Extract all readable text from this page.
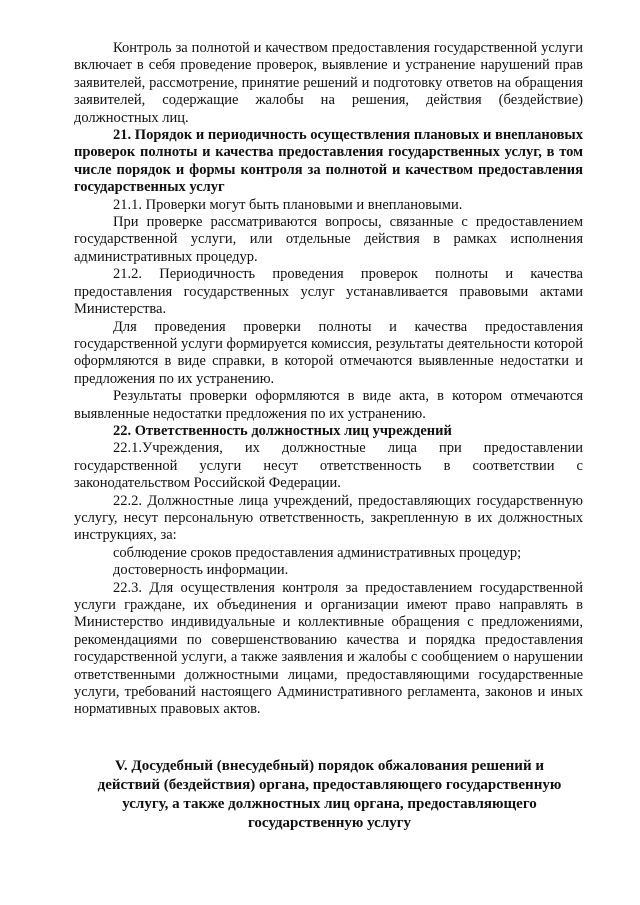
Контроль за полнотой и качеством предоставления государственной услуги включает в себя проведение проверок, выявление и устранение нарушений прав заявителей, рассмотрение, принятие решений и подготовку ответов на обращения заявителей, содержащие жалобы на решения, действия (бездействие) должностных лиц.

21. Порядок и периодичность осуществления плановых и внеплановых проверок полноты и качества предоставления государственных услуг, в том числе порядок и формы контроля за полнотой и качеством предоставления государственных услуг

21.1. Проверки могут быть плановыми и внеплановыми.

При проверке рассматриваются вопросы, связанные с предоставлением государственной услуги, или отдельные действия в рамках исполнения административных процедур.

21.2. Периодичность проведения проверок полноты и качества предоставления государственных услуг устанавливается правовыми актами Министерства.

Для проведения проверки полноты и качества предоставления государственной услуги формируется комиссия, результаты деятельности которой оформляются в виде справки, в которой отмечаются выявленные недостатки и предложения по их устранению.

Результаты проверки оформляются в виде акта, в котором отмечаются выявленные недостатки предложения по их устранению.

22. Ответственность должностных лиц учреждений

22.1.Учреждения, их должностные лица при предоставлении государственной услуги несут ответственность в соответствии с законодательством Российской Федерации.

22.2. Должностные лица учреждений, предоставляющих государственную услугу, несут персональную ответственность, закрепленную в их должностных инструкциях, за:

соблюдение сроков предоставления административных процедур;

достоверность информации.

22.3. Для осуществления контроля за предоставлением государственной услуги граждане, их объединения и организации имеют право направлять в Министерство индивидуальные и коллективные обращения с предложениями, рекомендациями по совершенствованию качества и порядка предоставления государственной услуги, а также заявления и жалобы с сообщением о нарушении ответственными должностными лицами, предоставляющими государственные услуги, требований настоящего Административного регламента, законов и иных нормативных правовых актов.

V. Досудебный (внесудебный) порядок обжалования решений и действий (бездействия) органа, предоставляющего государственную услугу, а также должностных лиц органа, предоставляющего государственную услугу
